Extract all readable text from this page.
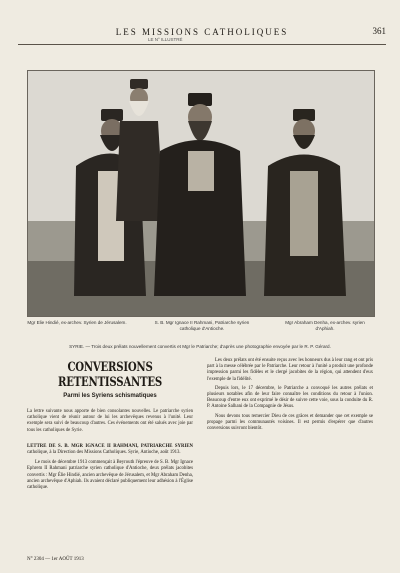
LES MISSIONS CATHOLIQUES	361
LE N° ILLUSTRÉ
Mgr Elie Hindié, ex-archev. Syrien de Jérusalem.	S. B. Mgr Ignace II Rahmani, Patriarche syrien catholique d'Antioche.
Mgr Abraham Denha, ex-archev. syrien d'Aphiah.
SYRIE. — Trois deux prélats nouvellement convertis et Mgr le Patriarche; d'après une photographie envoyée par le R. P. Gérard.
CONVERSIONS RETENTISSANTES
Parmi les Syriens schismatiques
La lettre suivante nous apporte de bien consolantes nouvelles. Le patriarche syrien catholique vient de réunir autour de lui les archevêques revenus à l'unité. Leur exemple sera suivi de beaucoup d'autres. Ces événements ont été salués avec joie par tous les catholiques de Syrie.
LETTRE DE S. B. MGR IGNACE II RAHMANI, PATRIARCHE SYRIEN catholique, à la Direction des Missions Catholiques. Syrie, Antioche, août 1913.
Le mois de décembre 1913 commençait à Beyrouth l'épreuve de S. B. Mgr Ignace Ephrem II Rahmani patriarche syrien catholique d'Antioche, deux prélats jacobites convertis : Mgr Élie Hindié, ancien archevêque de Jérusalem, et Mgr Abraham Denha, ancien archevêque d'Aphiah. Ils avaient déclaré publiquement leur adhésion à l'Église catholique.

Les deux prélats ont été ensuite reçus avec les honneurs dus à leur rang et ont pris part à la messe célébrée par le Patriarche. Leur retour à l'unité a produit une profonde impression parmi les fidèles et le clergé jacobites de la région, qui attendent d'eux l'exemple de la fidélité.

Depuis lors, le 17 décembre, le Patriarche a convoqué les autres prélats et plusieurs notables afin de leur faire connaître les conditions du retour à l'union. Beaucoup d'entre eux ont exprimé le désir de suivre cette voie, sous la conduite du R. P. Antoine Salhani de la Compagnie de Jésus.

Nous devons tous remercier Dieu de ces grâces et demander que cet exemple se propage parmi les communautés voisines. Il est permis d'espérer que d'autres conversions suivront bientôt.

N° 2304 — 1er AOÛT 1913
